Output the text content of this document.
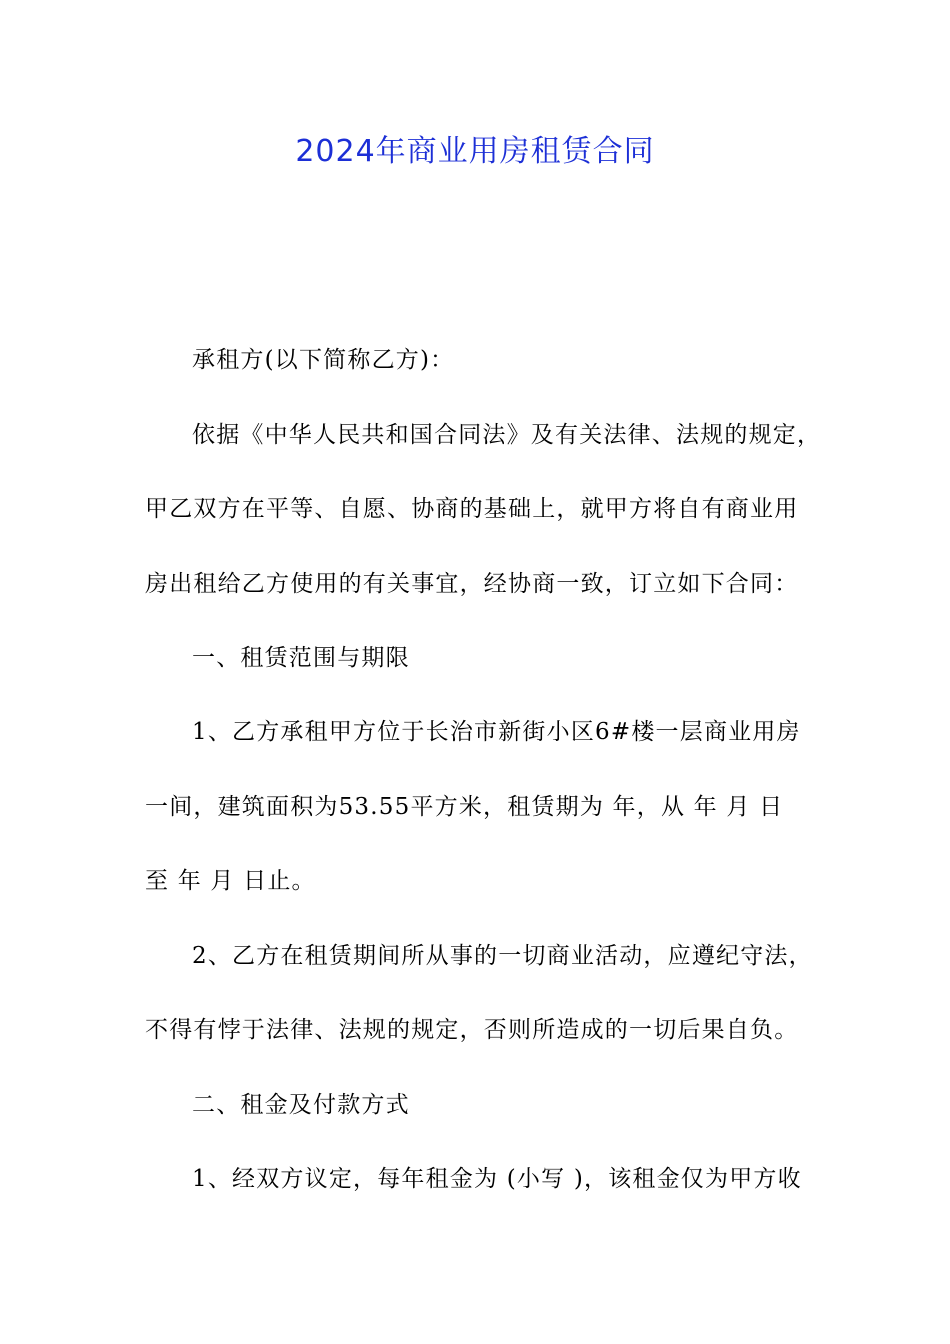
2024年商业用房租赁合同
承租方(以下简称乙方)：
依据《中华人民共和国合同法》及有关法律、法规的规定，
甲乙双方在平等、自愿、协商的基础上，就甲方将自有商业用
房出租给乙方使用的有关事宜，经协商一致，订立如下合同：
一、租赁范围与期限
1、乙方承租甲方位于长治市新街小区6#楼一层商业用房
一间，建筑面积为53.55平方米，租赁期为 年，从 年 月 日
至 年 月 日止。
2、乙方在租赁期间所从事的一切商业活动，应遵纪守法，
不得有悖于法律、法规的规定，否则所造成的一切后果自负。
二、租金及付款方式
1、经双方议定，每年租金为 (小写 )，该租金仅为甲方收
